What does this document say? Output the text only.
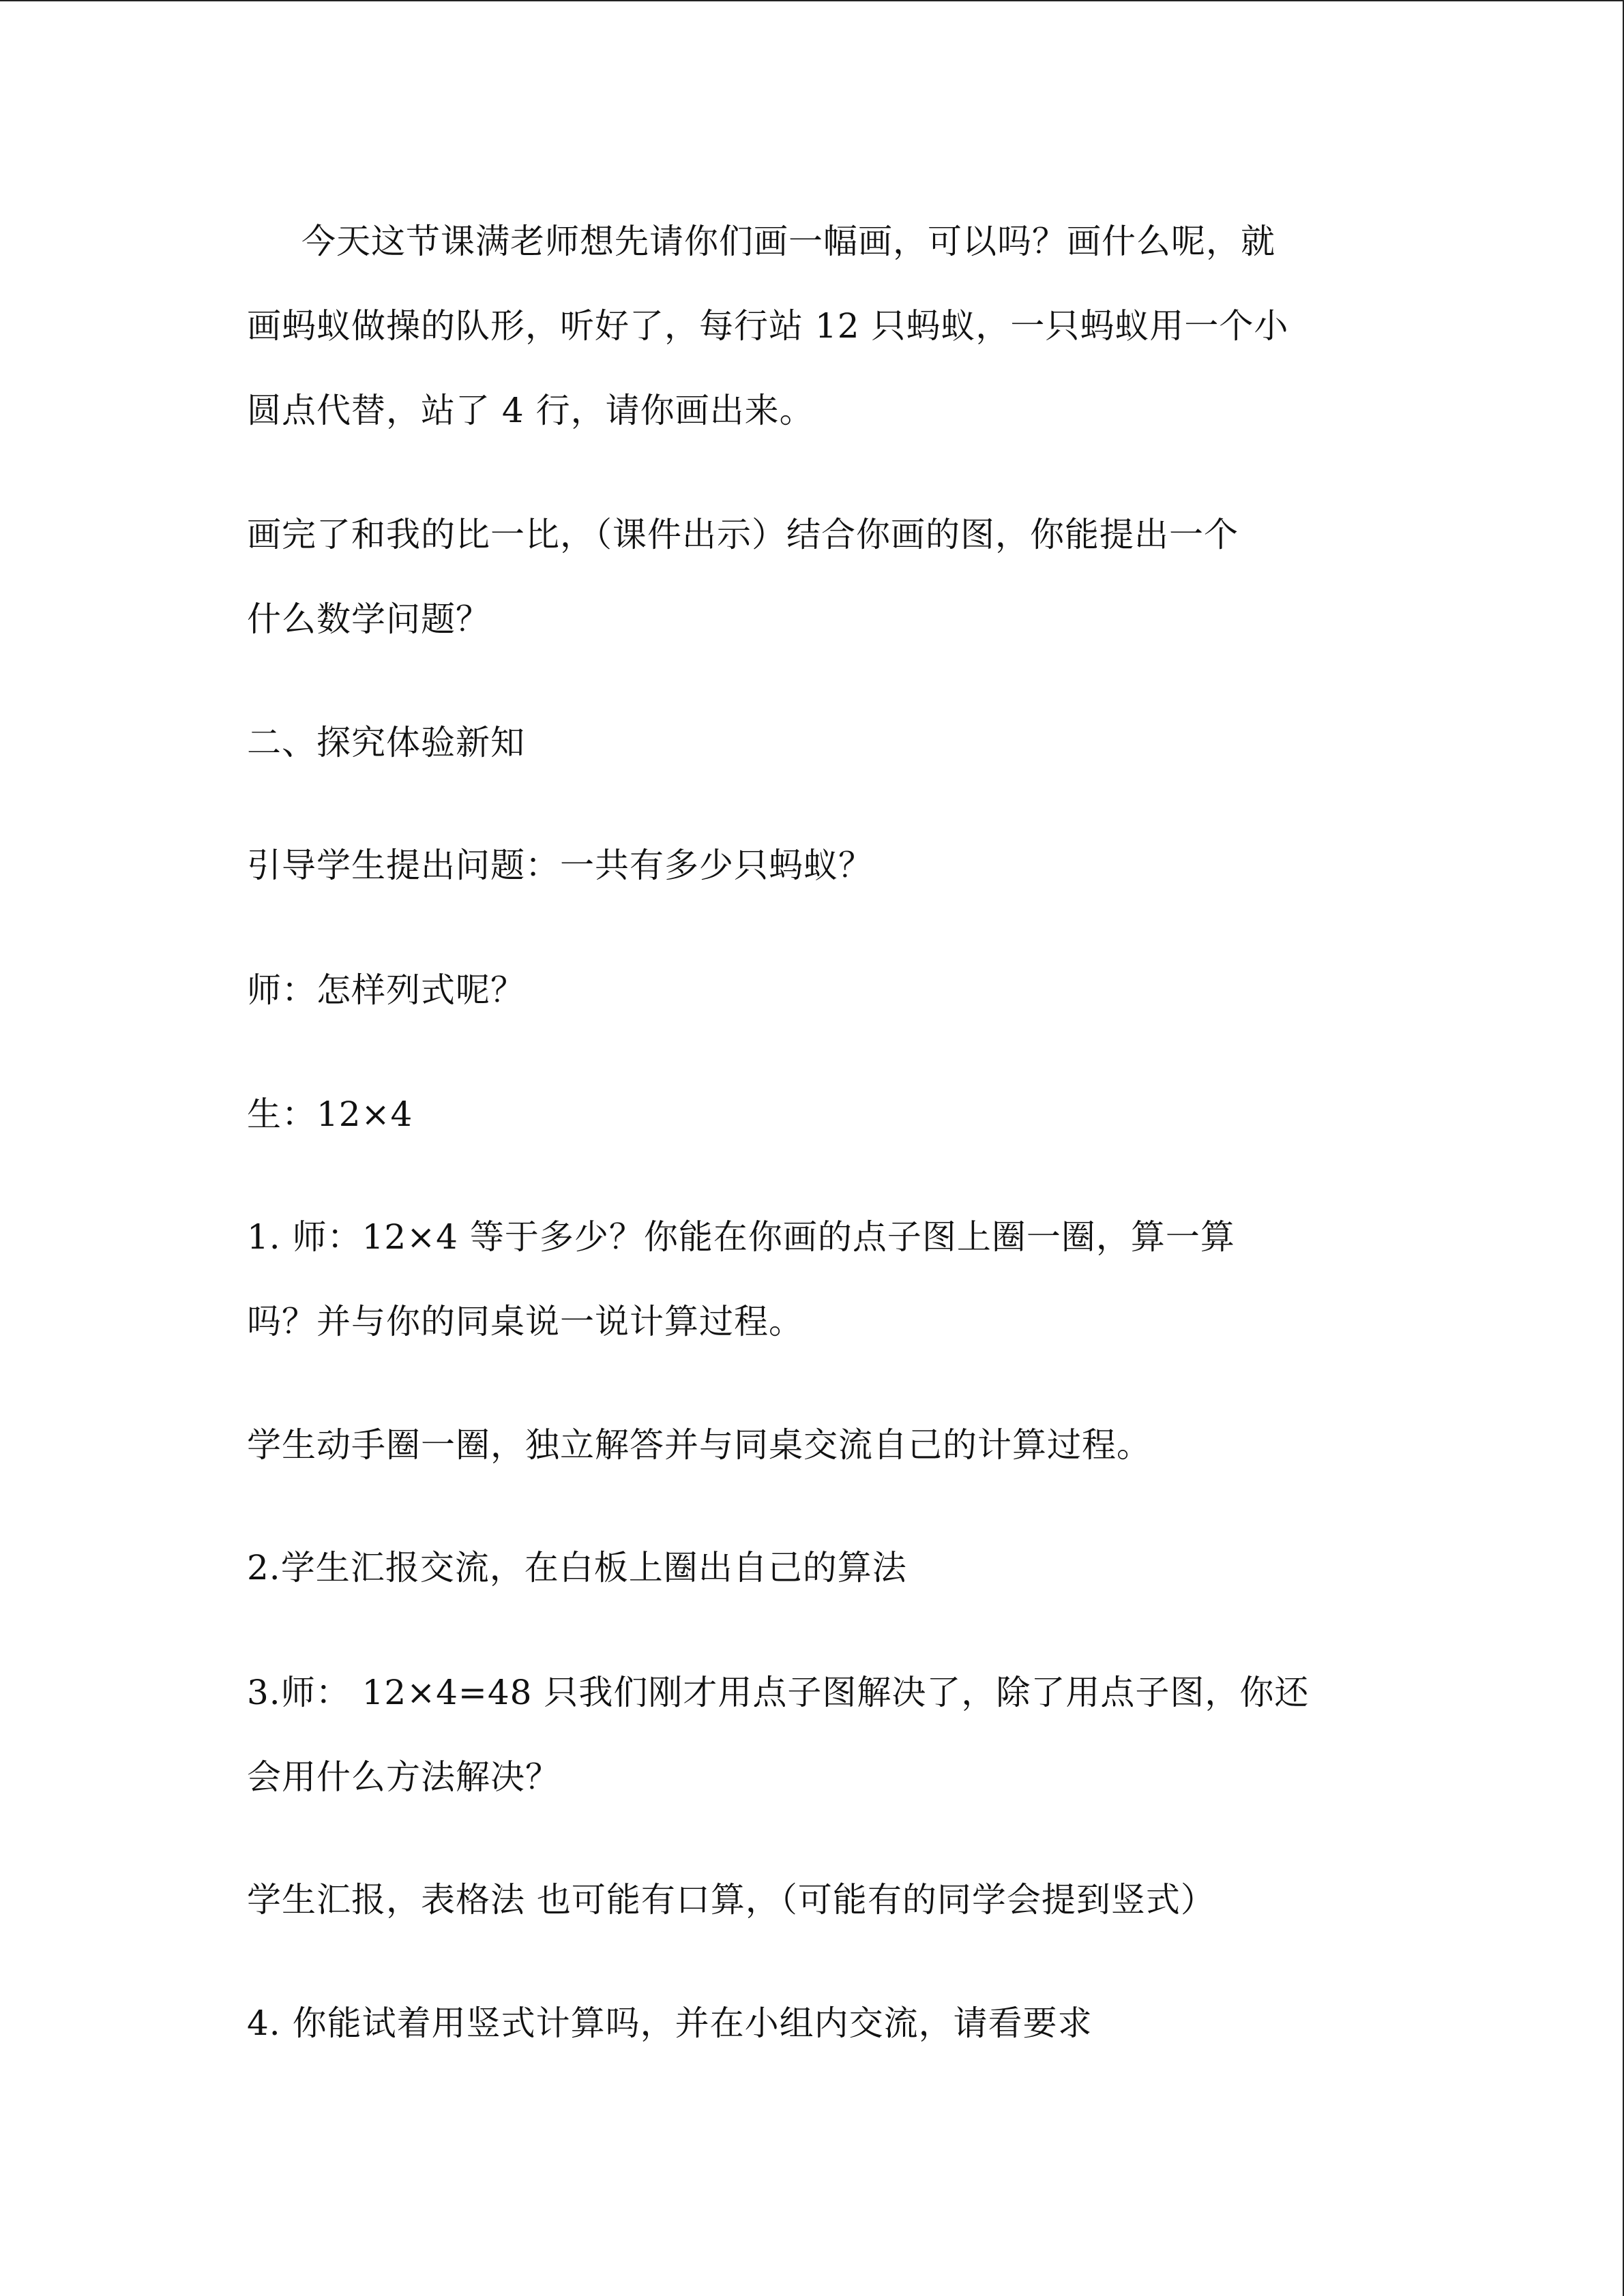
今天这节课满老师想先请你们画一幅画，可以吗？画什么呢，就
画蚂蚁做操的队形，听好了，每行站 12 只蚂蚁，一只蚂蚁用一个小
圆点代替，站了 4 行，请你画出来。
画完了和我的比一比，（课件出示）结合你画的图，你能提出一个
什么数学问题？
二、探究体验新知
引导学生提出问题：一共有多少只蚂蚁？
师：怎样列式呢？
生：12×4
1. 师：12×4 等于多少？你能在你画的点子图上圈一圈，算一算
吗？并与你的同桌说一说计算过程。
学生动手圈一圈，独立解答并与同桌交流自己的计算过程。
2.学生汇报交流，在白板上圈出自己的算法
3.师： 12×4=48 只我们刚才用点子图解决了，除了用点子图，你还
会用什么方法解决？
学生汇报，表格法 也可能有口算，（可能有的同学会提到竖式）
4. 你能试着用竖式计算吗，并在小组内交流，请看要求
